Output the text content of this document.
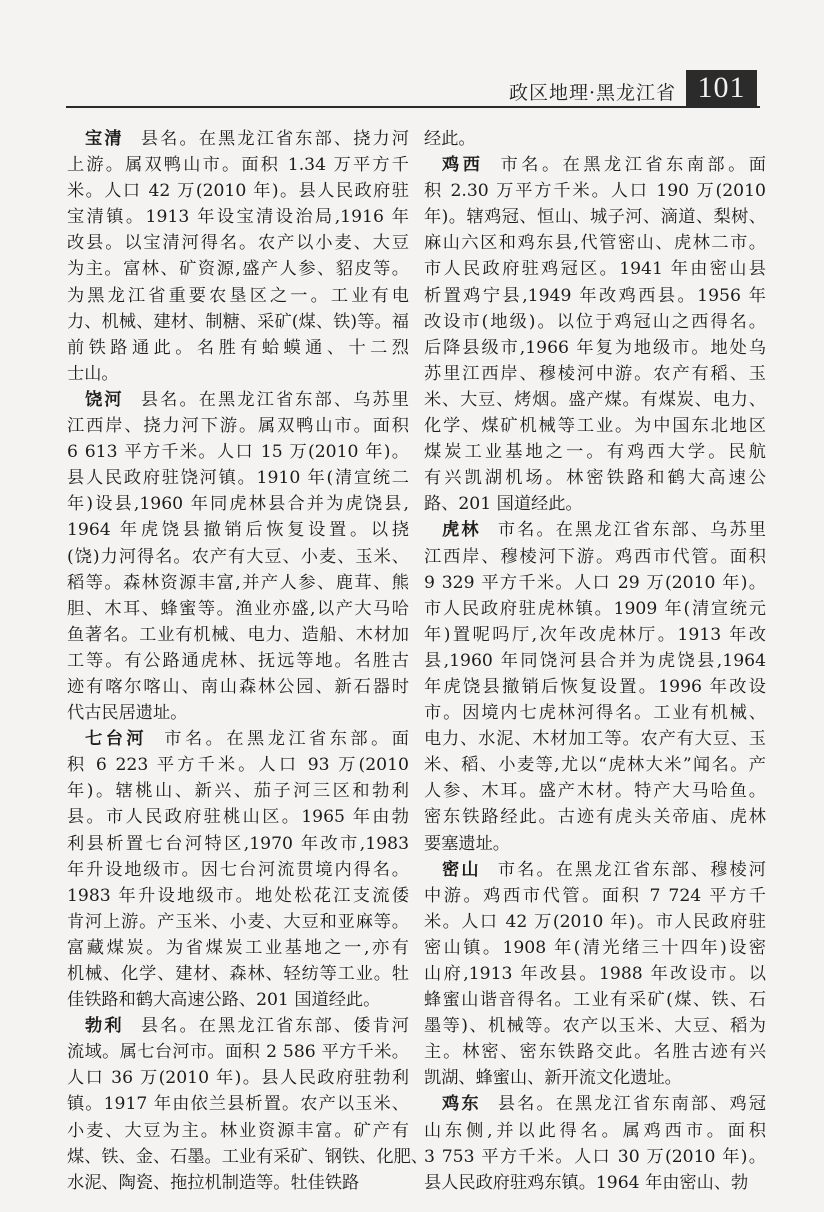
政区地理·黑龙江省 101
宝清 县名。在黑龙江省东部、挠力河
上游。属双鸭山市。面积 1.34 万平方千
米。人口 42 万(2010 年)。县人民政府驻
宝清镇。1913 年设宝清设治局,1916 年
改县。以宝清河得名。农产以小麦、大豆
为主。富林、矿资源,盛产人参、貂皮等。
为黑龙江省重要农垦区之一。工业有电
力、机械、建材、制糖、采矿(煤、铁)等。福
前铁路通此。名胜有蛤蟆通、十二烈
士山。
饶河 县名。在黑龙江省东部、乌苏里
江西岸、挠力河下游。属双鸭山市。面积
6 613 平方千米。人口 15 万(2010 年)。
县人民政府驻饶河镇。1910 年(清宣统二
年)设县,1960 年同虎林县合并为虎饶县,
1964 年虎饶县撤销后恢复设置。以挠
(饶)力河得名。农产有大豆、小麦、玉米、
稻等。森林资源丰富,并产人参、鹿茸、熊
胆、木耳、蜂蜜等。渔业亦盛,以产大马哈
鱼著名。工业有机械、电力、造船、木材加
工等。有公路通虎林、抚远等地。名胜古
迹有喀尔喀山、南山森林公园、新石器时
代古民居遗址。
七台河 市名。在黑龙江省东部。面
积 6 223 平方千米。人口 93 万(2010
年)。辖桃山、新兴、茄子河三区和勃利
县。市人民政府驻桃山区。1965 年由勃
利县析置七台河特区,1970 年改市,1983
年升设地级市。因七台河流贯境内得名。
1983 年升设地级市。地处松花江支流倭
肯河上游。产玉米、小麦、大豆和亚麻等。
富藏煤炭。为省煤炭工业基地之一,亦有
机械、化学、建材、森林、轻纺等工业。牡
佳铁路和鹤大高速公路、201 国道经此。
勃利 县名。在黑龙江省东部、倭肯河
流域。属七台河市。面积 2 586 平方千米。
人口 36 万(2010 年)。县人民政府驻勃利
镇。1917 年由依兰县析置。农产以玉米、
小麦、大豆为主。林业资源丰富。矿产有
煤、铁、金、石墨。工业有采矿、钢铁、化肥、
水泥、陶瓷、拖拉机制造等。牡佳铁路
经此。
鸡西 市名。在黑龙江省东南部。面
积 2.30 万平方千米。人口 190 万(2010
年)。辖鸡冠、恒山、城子河、滴道、梨树、
麻山六区和鸡东县,代管密山、虎林二市。
市人民政府驻鸡冠区。1941 年由密山县
析置鸡宁县,1949 年改鸡西县。1956 年
改设市(地级)。以位于鸡冠山之西得名。
后降县级市,1966 年复为地级市。地处乌
苏里江西岸、穆棱河中游。农产有稻、玉
米、大豆、烤烟。盛产煤。有煤炭、电力、
化学、煤矿机械等工业。为中国东北地区
煤炭工业基地之一。有鸡西大学。民航
有兴凯湖机场。林密铁路和鹤大高速公
路、201 国道经此。
虎林 市名。在黑龙江省东部、乌苏里
江西岸、穆棱河下游。鸡西市代管。面积
9 329 平方千米。人口 29 万(2010 年)。
市人民政府驻虎林镇。1909 年(清宣统元
年)置呢吗厅,次年改虎林厅。1913 年改
县,1960 年同饶河县合并为虎饶县,1964
年虎饶县撤销后恢复设置。1996 年改设
市。因境内七虎林河得名。工业有机械、
电力、水泥、木材加工等。农产有大豆、玉
米、稻、小麦等,尤以“虎林大米”闻名。产
人参、木耳。盛产木材。特产大马哈鱼。
密东铁路经此。古迹有虎头关帝庙、虎林
要塞遗址。
密山 市名。在黑龙江省东部、穆棱河
中游。鸡西市代管。面积 7 724 平方千
米。人口 42 万(2010 年)。市人民政府驻
密山镇。1908 年(清光绪三十四年)设密
山府,1913 年改县。1988 年改设市。以
蜂蜜山谐音得名。工业有采矿(煤、铁、石
墨等)、机械等。农产以玉米、大豆、稻为
主。林密、密东铁路交此。名胜古迹有兴
凯湖、蜂蜜山、新开流文化遗址。
鸡东 县名。在黑龙江省东南部、鸡冠
山东侧,并以此得名。属鸡西市。面积
3 753 平方千米。人口 30 万(2010 年)。
县人民政府驻鸡东镇。1964 年由密山、勃
